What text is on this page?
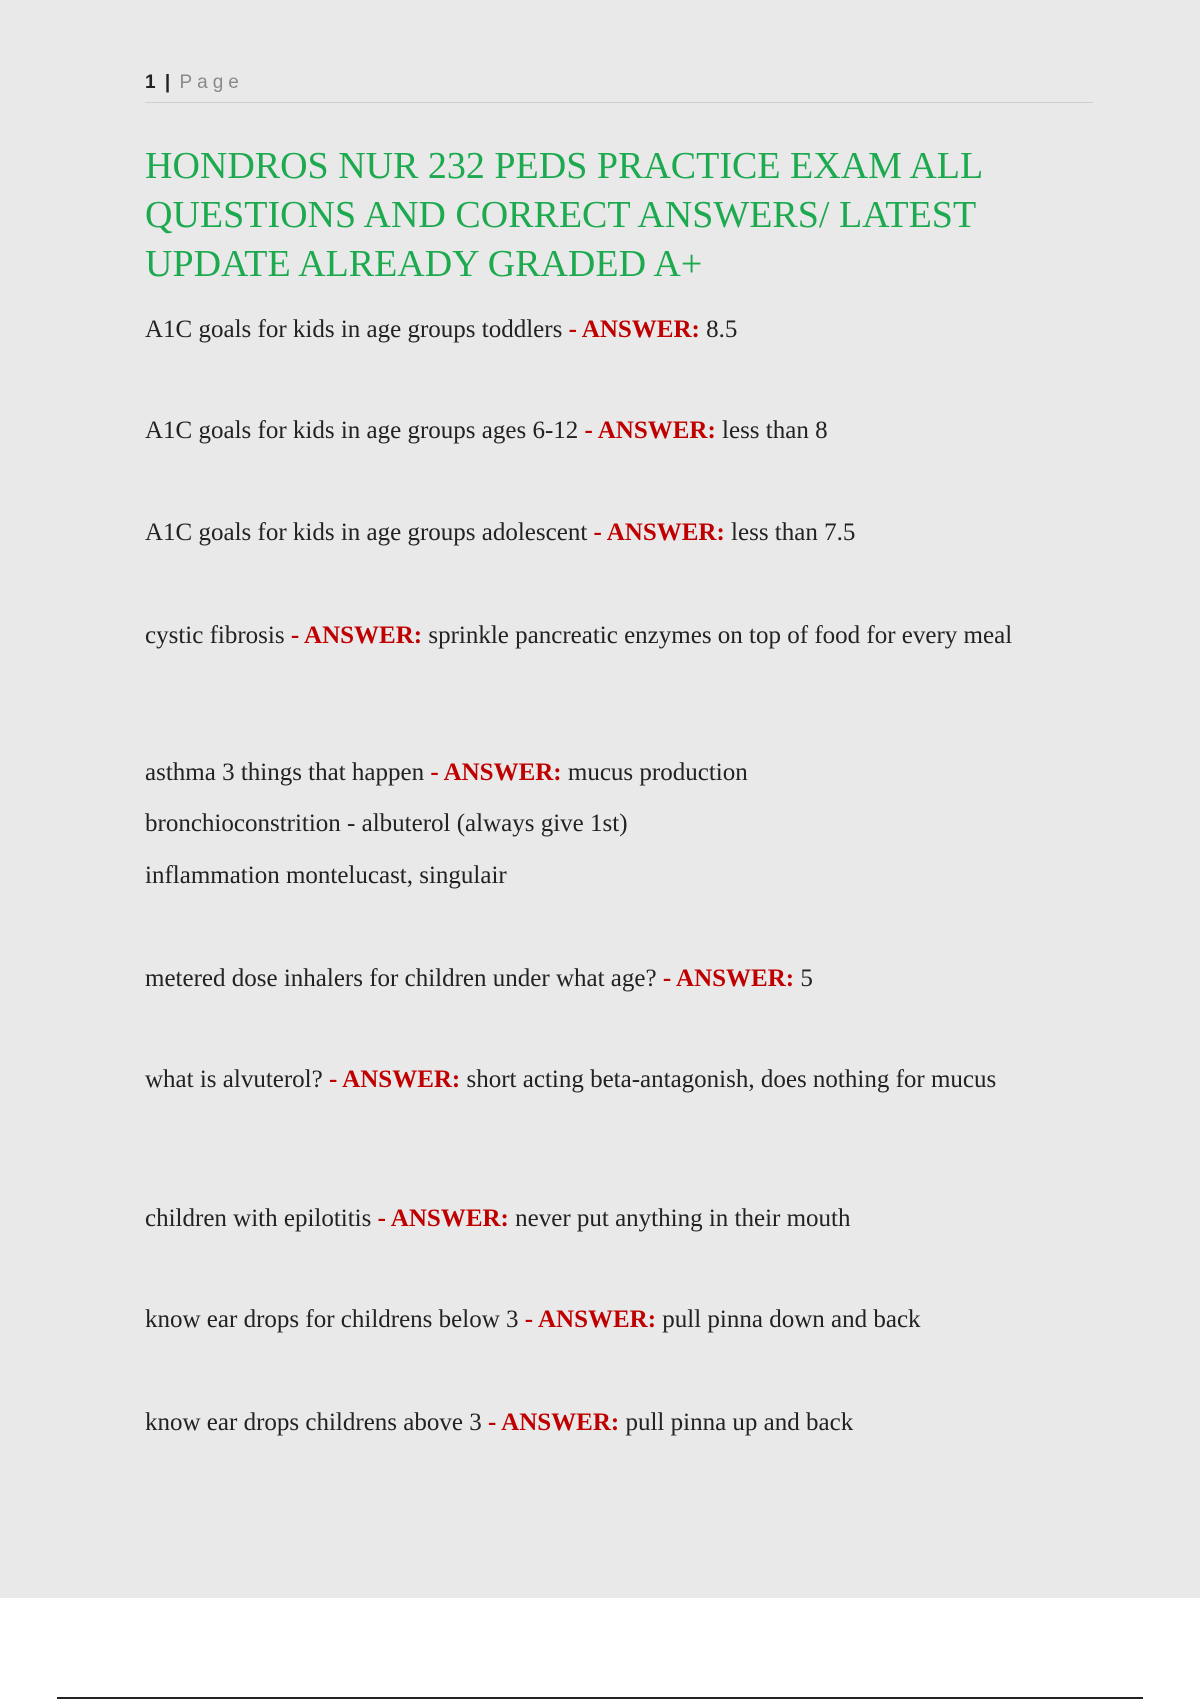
1 | Page
HONDROS NUR 232 PEDS PRACTICE EXAM ALL QUESTIONS AND CORRECT ANSWERS/ LATEST UPDATE ALREADY GRADED A+
A1C goals for kids in age groups toddlers - ANSWER: 8.5
A1C goals for kids in age groups ages 6-12 - ANSWER: less than 8
A1C goals for kids in age groups adolescent - ANSWER: less than 7.5
cystic fibrosis - ANSWER: sprinkle pancreatic enzymes on top of food for every meal
asthma 3 things that happen - ANSWER: mucus production
bronchioconstrition - albuterol (always give 1st)
inflammation montelucast, singulair
metered dose inhalers for children under what age? - ANSWER: 5
what is alvuterol? - ANSWER: short acting beta-antagonish, does nothing for mucus
children with epilotitis - ANSWER: never put anything in their mouth
know ear drops for childrens below 3 - ANSWER: pull pinna down and back
know ear drops childrens above 3 - ANSWER: pull pinna up and back
